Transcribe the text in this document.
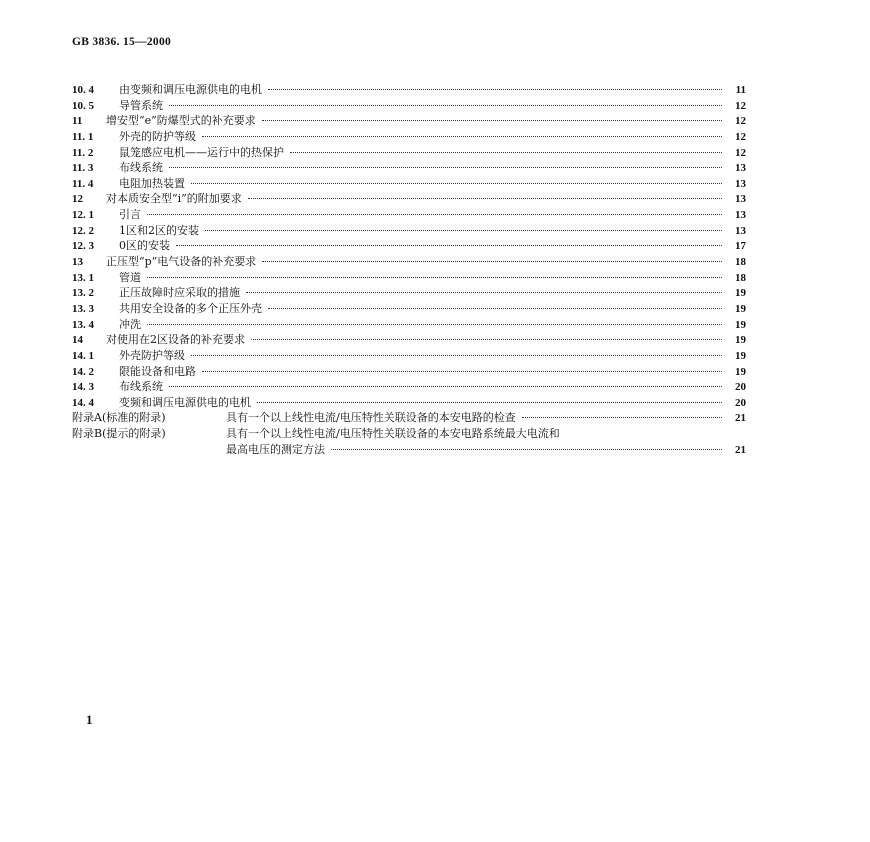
GB 3836. 15—2000
10. 4	由变频和调压电源供电的电机	11
10. 5	导管系统	12
11	增安型“e”防爆型式的补充要求	12
11. 1	外壳的防护等级	12
11. 2	鼠笼感应电机——运行中的热保护	12
11. 3	布线系统	13
11. 4	电阻加热装置	13
12	对本质安全型“i”的附加要求	13
12. 1	引言	13
12. 2	1区和2区的安装	13
12. 3	0区的安装	17
13	正压型“p”电气设备的补充要求	18
13. 1	管道	18
13. 2	正压故障时应采取的措施	19
13. 3	共用安全设备的多个正压外壳	19
13. 4	冲洗	19
14	对使用在2区设备的补充要求	19
14. 1	外壳防护等级	19
14. 2	限能设备和电路	19
14. 3	布线系统	20
14. 4	变频和调压电源供电的电机	20
附录A(标准的附录)	具有一个以上线性电流/电压特性关联设备的本安电路的检查	21
附录B(提示的附录)	具有一个以上线性电流/电压特性关联设备的本安电路系统最大电流和
最高电压的测定方法	21
1
